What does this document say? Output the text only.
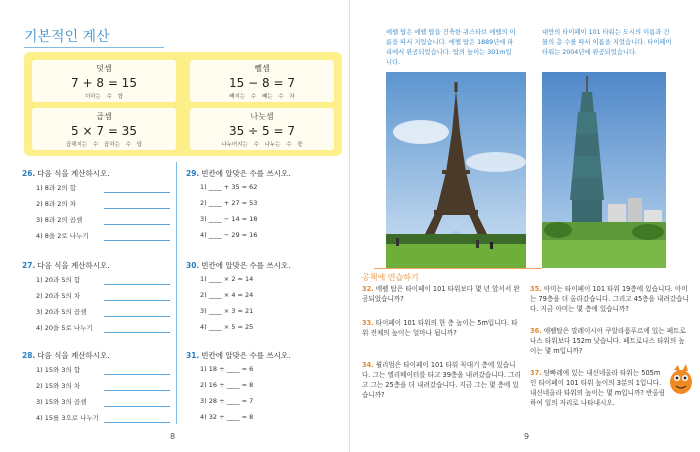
기본적인 계산
덧셈
7 + 8 = 15
더하는 수 합
뺄셈
15 − 8 = 7
빼지는 수 빼는 수 차
곱셈
5 × 7 = 35
곱해지는 수 곱하는 수 답
나눗셈
35 ÷ 5 = 7
나누어지는 수 나누는 수 몫
26. 다음 식을 계산하시오.
1) 8과 2의 합
2) 8과 2의 차
3) 8과 2의 곱셈
4) 8을 2로 나누기
27. 다음 식을 계산하시오.
1) 20과 5의 합
2) 20과 5의 차
3) 20과 5의 곱셈
4) 20을 5로 나누기
28. 다음 식을 계산하시오.
1) 15와 3의 합
2) 15와 3의 차
3) 15와 3의 곱셈
4) 15를 3으로 나누기
29. 빈칸에 알맞은 수를 쓰시오.
1) ____ + 35 = 62
2) ____ + 27 = 53
3) ____ − 14 = 18
4) ____ − 29 = 16
30. 빈칸에 알맞은 수를 쓰시오.
1) ____ × 2 = 14
2) ____ × 4 = 24
3) ____ × 3 = 21
4) ____ × 5 = 25
31. 빈칸에 알맞은 수를 쓰시오.
1) 18 ÷ ____ = 6
2) 16 ÷ ____ = 8
3) 28 ÷ ____ = 7
4) 32 ÷ ____ = 8
8
에펠 탑은 에펠 탑을 건축한 귀스타브 에펠의 이름을 따서 지었습니다. 에펠 탑은 1889년에 파리에서 완공되었습니다. 탑의 높이는 301m입니다.
대만의 타이페이 101 타워는 도시의 이름과 건물의 층 수를 따서 이름을 지었습니다. 타이페이 타워는 2004년에 완공되었습니다.
공책에 연습하기
32. 에펠 탑은 타이페이 101 타워보다 몇 년 앞서서 완공되었습니까?
33. 타이페이 101 타워의 한 층 높이는 5m입니다. 타워 전체의 높이는 얼마나 됩니까?
34. 윌리엄은 타이페이 101 타워 꼭대기 층에 있습니다. 그는 엘리베이터를 타고 39층을 내려갔습니다. 그리고 그는 25층을 더 내려갔습니다. 지금 그는 몇 층에 있습니까?
35. 아미는 타이페이 101 타워 19층에 있습니다. 아미는 79층을 더 올라갔습니다. 그리고 45층을 내려갔습니다. 지금 아미는 몇 층에 있습니까?
36. 에펠탑은 말레이시아 쿠알라룸푸르에 있는 페트로나스 타워보다 152m 낮습니다. 페트로나스 타워의 높이는 몇 m입니까?
37. 탐빠레에 있는 내신네올라 타워는 505m인 타이페이 101 타워 높이의 3분의 1입니다. 내신네올라 타워의 높이는 몇 m입니까? 반올림하여 일의 자리로 나타내시오.
9
